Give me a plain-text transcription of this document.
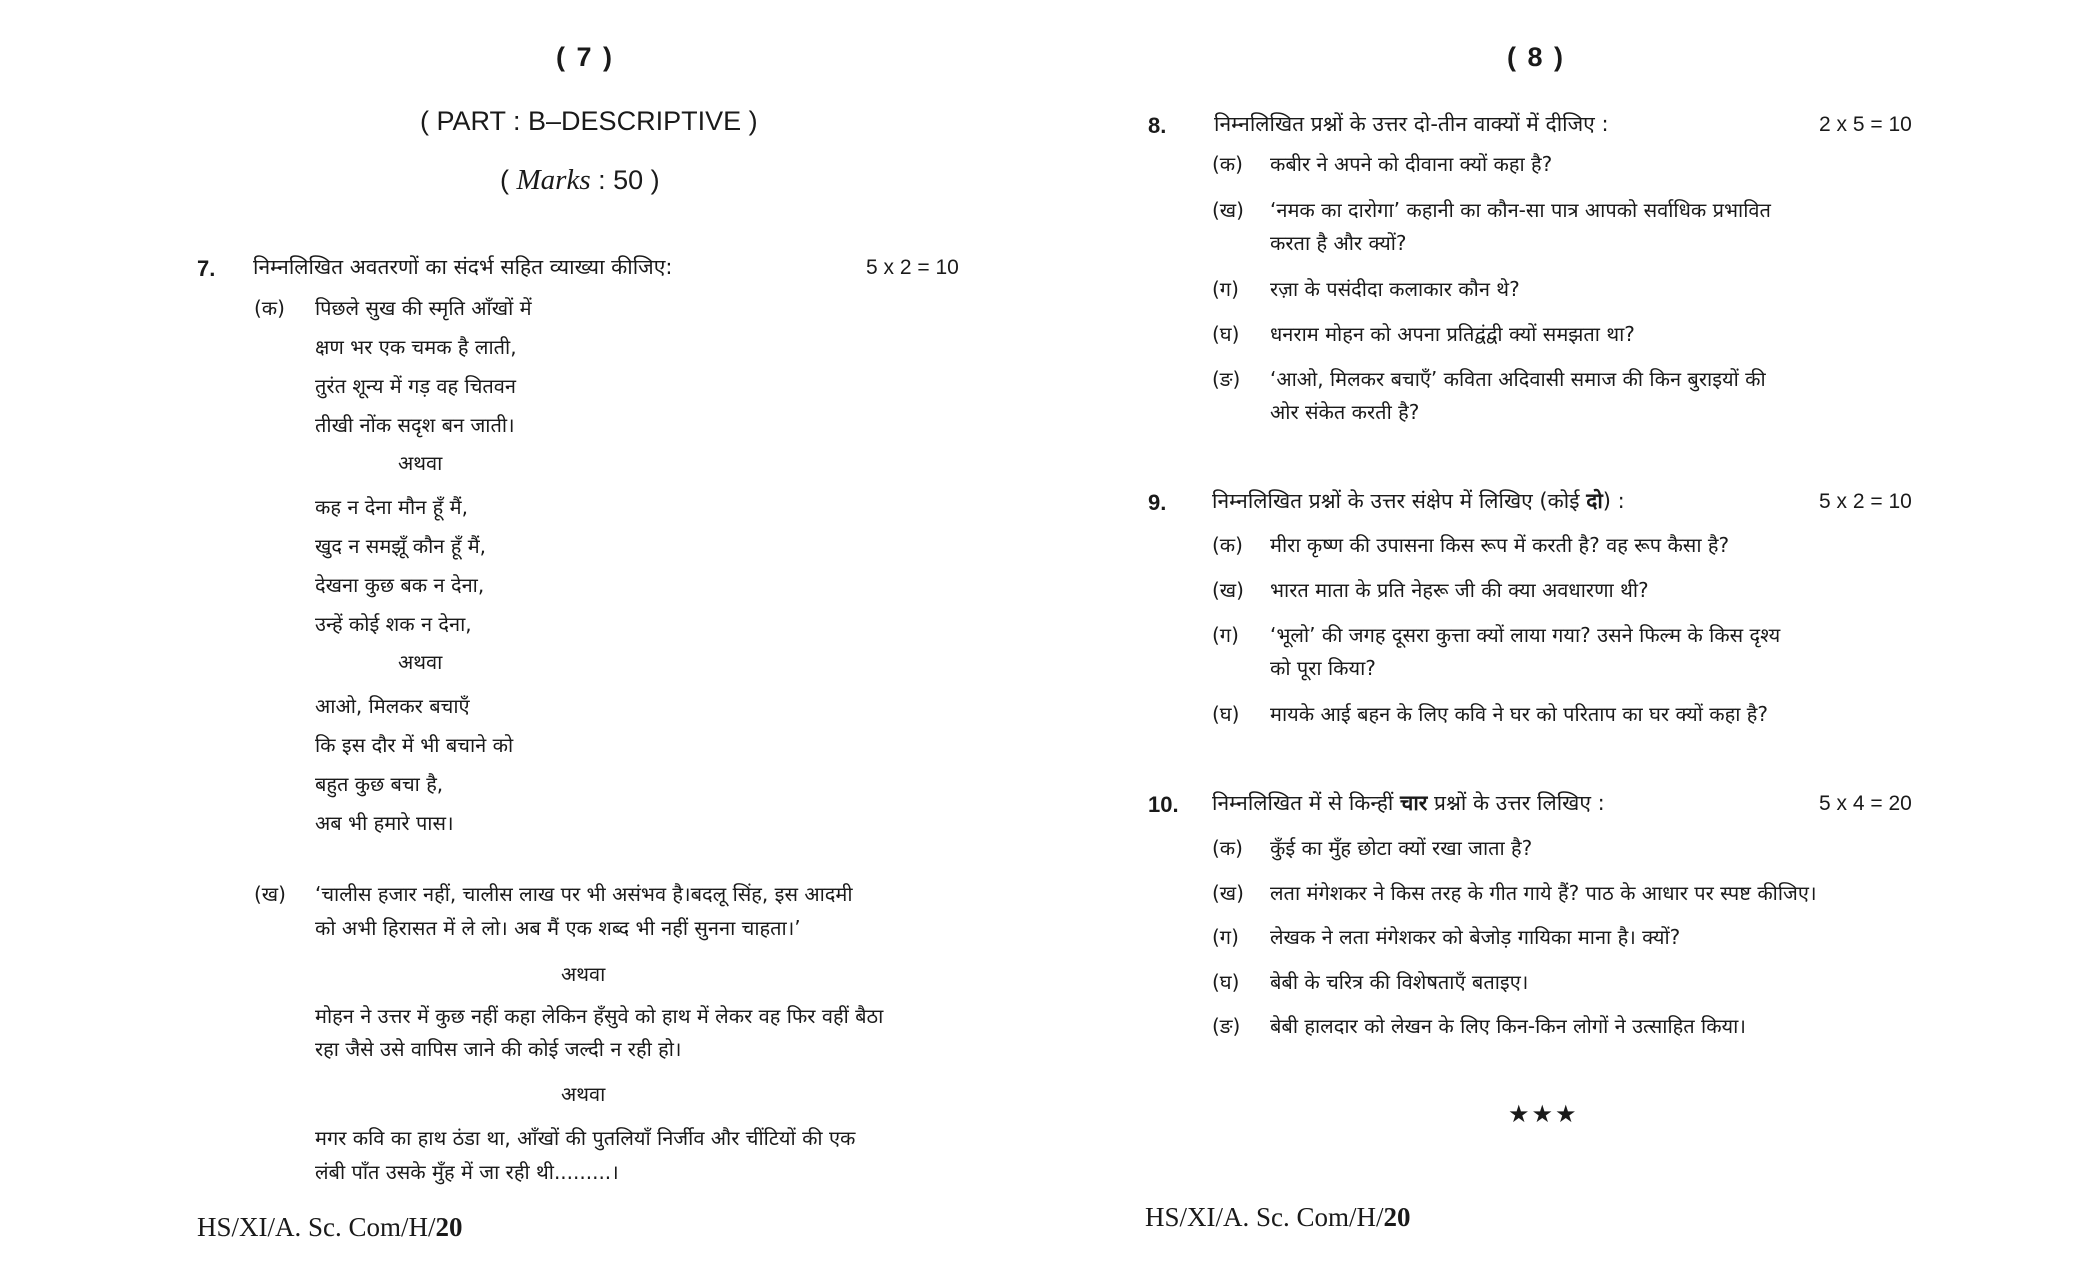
( 7 )
( PART : B–DESCRIPTIVE )
( Marks : 50 )
7. निम्नलिखित अवतरणों का संदर्भ सहित व्याख्या कीजिए:	5 x 2 = 10
(क) पिछले सुख की स्मृति आँखों में
क्षण भर एक चमक है लाती,
तुरंत शून्य में गड़ वह चितवन
तीखी नोंक सदृश बन जाती।
अथवा
कह न देना मौन हूँ मैं,
खुद न समझूँ कौन हूँ मैं,
देखना कुछ बक न देना,
उन्हें कोई शक न देना,
अथवा
आओ, मिलकर बचाएँ
कि इस दौर में भी बचाने को
बहुत कुछ बचा है,
अब भी हमारे पास।
(ख) ‘चालीस हजार नहीं, चालीस लाख पर भी असंभव है।बदलू सिंह, इस आदमी
को अभी हिरासत में ले लो। अब मैं एक शब्द भी नहीं सुनना चाहता।’
अथवा
मोहन ने उत्तर में कुछ नहीं कहा लेकिन हँसुवे को हाथ में लेकर वह फिर वहीं बैठा
रहा जैसे उसे वापिस जाने की कोई जल्दी न रही हो।
अथवा
मगर कवि का हाथ ठंडा था, आँखों की पुतलियाँ निर्जीव और चींटियों की एक
लंबी पाँत उसके मुँह में जा रही थी.........।
HS/XI/A. Sc. Com/H/20
( 8 )
8. निम्नलिखित प्रश्नों के उत्तर दो-तीन वाक्यों में दीजिए :	2 x 5 = 10
(क) कबीर ने अपने को दीवाना क्यों कहा है?
(ख) ‘नमक का दारोगा’ कहानी का कौन-सा पात्र आपको सर्वाधिक प्रभावित
करता है और क्यों?
(ग) रज़ा के पसंदीदा कलाकार कौन थे?
(घ) धनराम मोहन को अपना प्रतिद्वंद्वी क्यों समझता था?
(ङ) ‘आओ, मिलकर बचाएँ’ कविता अदिवासी समाज की किन बुराइयों की
ओर संकेत करती है?
9. निम्नलिखित प्रश्नों के उत्तर संक्षेप में लिखिए (कोई दो) :	5 x 2 = 10
(क) मीरा कृष्ण की उपासना किस रूप में करती है? वह रूप कैसा है?
(ख) भारत माता के प्रति नेहरू जी की क्या अवधारणा थी?
(ग) ‘भूलो’ की जगह दूसरा कुत्ता क्यों लाया गया? उसने फिल्म के किस दृश्य
को पूरा किया?
(घ) मायके आई बहन के लिए कवि ने घर को परिताप का घर क्यों कहा है?
10. निम्नलिखित में से किन्हीं चार प्रश्नों के उत्तर लिखिए :	5 x 4 = 20
(क) कुँई का मुँह छोटा क्यों रखा जाता है?
(ख) लता मंगेशकर ने किस तरह के गीत गाये हैं? पाठ के आधार पर स्पष्ट कीजिए।
(ग) लेखक ने लता मंगेशकर को बेजोड़ गायिका माना है। क्यों?
(घ) बेबी के चरित्र की विशेषताएँ बताइए।
(ङ) बेबी हालदार को लेखन के लिए किन-किन लोगों ने उत्साहित किया।
★★★
HS/XI/A. Sc. Com/H/20
